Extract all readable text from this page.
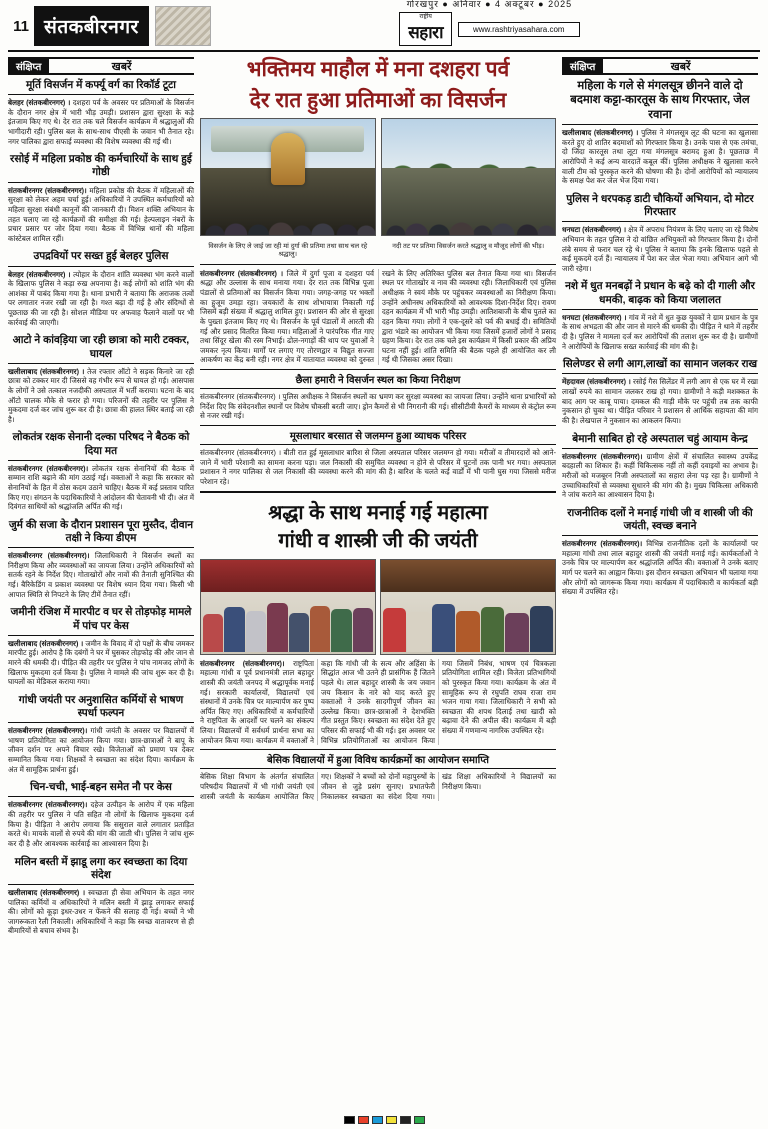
11 संतकबीरनगर
गोरखपुर ● अनिवार ● 4 अक्टूबर ● 2025
राष्ट्रीय
सहारा	www.rashtriyasahara.com
संक्षिप्त	खबरें
मूर्ति विसर्जन में कर्फ्यू वर्ग का रिकॉर्ड टूटा
बेलहर (संतकबीरनगर) । दशहरा पर्व के अवसर पर प्रतिमाओं के विसर्जन के दौरान नगर क्षेत्र में भारी भीड़ उमड़ी। प्रशासन द्वारा सुरक्षा के कड़े इंतजाम किए गए थे। देर रात तक चले विसर्जन कार्यक्रम में श्रद्धालुओं की भागीदारी रही। पुलिस बल के साथ-साथ पीएसी के जवान भी तैनात रहे। नगर पालिका द्वारा सफाई व्यवस्था की विशेष व्यवस्था की गई थी।
रसोई में महिला प्रकोष्ठ की कर्मचारियों के साथ हुई गोष्ठी
संतकबीरनगर (संतकबीरनगर)। महिला प्रकोष्ठ की बैठक में महिलाओं की सुरक्षा को लेकर अहम चर्चा हुई। अधिकारियों ने उपस्थित कर्मचारियों को महिला सुरक्षा संबंधी कानूनों की जानकारी दी। मिशन शक्ति अभियान के तहत चलाए जा रहे कार्यक्रमों की समीक्षा की गई। हेल्पलाइन नंबरों के प्रचार प्रसार पर जोर दिया गया। बैठक में विभिन्न थानों की महिला कांस्टेबल शामिल रहीं।
उपद्रवियों पर सख्त हुई बेलहर पुलिस
बेलहर (संतकबीरनगर) । त्योहार के दौरान शांति व्यवस्था भंग करने वालों के खिलाफ पुलिस ने कड़ा रुख अपनाया है। कई लोगों को शांति भंग की आशंका में पाबंद किया गया है। थाना प्रभारी ने बताया कि अराजक तत्वों पर लगातार नजर रखी जा रही है। गश्त बढ़ा दी गई है और संदिग्धों से पूछताछ की जा रही है। सोशल मीडिया पर अफवाह फैलाने वालों पर भी कार्रवाई की जाएगी।
आटो ने कांवड़ि़या जा रही छात्रा को मारी टक्कर, घायल
खलीलाबाद (संतकबीरनगर) । तेज रफ्तार ऑटो ने सड़क किनारे जा रही छात्रा को टक्कर मार दी जिससे वह गंभीर रूप से घायल हो गई। आसपास के लोगों ने उसे तत्काल नजदीकी अस्पताल में भर्ती कराया। घटना के बाद ऑटो चालक मौके से फरार हो गया। परिजनों की तहरीर पर पुलिस ने मुकदमा दर्ज कर जांच शुरू कर दी है। छात्रा की हालत स्थिर बताई जा रही है।
लोकतंत्र रक्षक सेनानी दल्का परिषद ने बैठक को दिया मत
संतकबीरनगर (संतकबीरनगर)। लोकतंत्र रक्षक सेनानियों की बैठक में सम्मान राशि बढ़ाने की मांग उठाई गई। वक्ताओं ने कहा कि सरकार को सेनानियों के हित में ठोस कदम उठाने चाहिए। बैठक में कई प्रस्ताव पारित किए गए। संगठन के पदाधिकारियों ने आंदोलन की चेतावनी भी दी। अंत में दिवंगत साथियों को श्रद्धांजलि अर्पित की गई।
जुर्म की सजा के दौरान प्रशासन पूरा मुस्तैद, दीवान तक्षी ने किया डीएम
संतकबीरनगर (संतकबीरनगर)। जिलाधिकारी ने विसर्जन स्थलों का निरीक्षण किया और व्यवस्थाओं का जायजा लिया। उन्होंने अधिकारियों को सतर्क रहने के निर्देश दिए। गोताखोरों और नावों की तैनाती सुनिश्चित की गई। बैरिकेडिंग व प्रकाश व्यवस्था पर विशेष ध्यान दिया गया। किसी भी आपात स्थिति से निपटने के लिए टीमें तैनात रहीं।
जमीनी रंजिश में मारपीट व घर से तोड़फोड़ मामले में पांच पर केस
खलीलाबाद (संतकबीरनगर) । जमीन के विवाद में दो पक्षों के बीच जमकर मारपीट हुई। आरोप है कि दबंगों ने घर में घुसकर तोड़फोड़ की और जान से मारने की धमकी दी। पीड़ित की तहरीर पर पुलिस ने पांच नामजद लोगों के खिलाफ मुकदमा दर्ज किया है। पुलिस ने मामले की जांच शुरू कर दी है। घायलों का मेडिकल कराया गया।
गांधी जयंती पर अनुशासित कर्मियों से भाषण स्पर्धा फल्पन
संतकबीरनगर (संतकबीरनगर)। गांधी जयंती के अवसर पर विद्यालयों में भाषण प्रतियोगिता का आयोजन किया गया। छात्र-छात्राओं ने बापू के जीवन दर्शन पर अपने विचार रखे। विजेताओं को प्रमाण पत्र देकर सम्मानित किया गया। शिक्षकों ने स्वच्छता का संदेश दिया। कार्यक्रम के अंत में सामूहिक प्रार्थना हुई।
चिन-चची, भाई-बहन समेत नौ पर केस
संतकबीरनगर (संतकबीरनगर)। दहेज उत्पीड़न के आरोप में एक महिला की तहरीर पर पुलिस ने पति सहित नौ लोगों के खिलाफ मुकदमा दर्ज किया है। पीड़िता ने आरोप लगाया कि ससुराल वाले लगातार प्रताड़ित करते थे। मायके वालों से रुपये की मांग की जाती थी। पुलिस ने जांच शुरू कर दी है और आवश्यक कार्रवाई का आश्वासन दिया है।
मलिन बस्ती में झाडू लगा कर स्वच्छता का दिया संदेश
खलीलाबाद (संतकबीरनगर) । स्वच्छता ही सेवा अभियान के तहत नगर पालिका कर्मियों व अधिकारियों ने मलिन बस्ती में झाड़ू लगाकर सफाई की। लोगों को कूड़ा इधर-उधर न फेंकने की सलाह दी गई। बच्चों ने भी जागरूकता रैली निकाली। अधिकारियों ने कहा कि स्वच्छ वातावरण से ही बीमारियों से बचाव संभव है।
भक्तिमय माहौल में मना दशहरा पर्व
देर रात हुआ प्रतिमाओं का विसर्जन
विसर्जन के लिए ले जाई जा रही मां दुर्गा की प्रतिमा तथा साथ चल रहे श्रद्धालु।
नदी तट पर प्रतिमा विसर्जन करते श्रद्धालु व मौजूद लोगों की भीड़।
संतकबीरनगर (संतकबीरनगर) । जिले में दुर्गा पूजा व दशहरा पर्व श्रद्धा और उल्लास के साथ मनाया गया। देर रात तक विभिन्न पूजा पंडालों से प्रतिमाओं का विसर्जन किया गया। जगह-जगह पर भक्तों का हुजूम उमड़ा रहा। जयकारों के साथ शोभायात्रा निकाली गई जिसमें बड़ी संख्या में श्रद्धालु शामिल हुए। प्रशासन की ओर से सुरक्षा के पुख्ता इंतजाम किए गए थे। विसर्जन के पूर्व पंडालों में आरती की गई और प्रसाद वितरित किया गया। महिलाओं ने पारंपरिक गीत गाए तथा सिंदूर खेला की रस्म निभाई। ढोल-नगाड़ों की थाप पर युवाओं ने जमकर नृत्य किया। मार्गों पर लगाए गए तोरणद्वार व विद्युत सज्जा आकर्षण का केंद्र बनी रही। नगर क्षेत्र में यातायात व्यवस्था को दुरुस्त रखने के लिए अतिरिक्त पुलिस बल तैनात किया गया था। विसर्जन स्थल पर गोताखोर व नाव की व्यवस्था रही। जिलाधिकारी एवं पुलिस अधीक्षक ने स्वयं मौके पर पहुंचकर व्यवस्थाओं का निरीक्षण किया। उन्होंने अधीनस्थ अधिकारियों को आवश्यक दिशा-निर्देश दिए। रावण दहन कार्यक्रम में भी भारी भीड़ उमड़ी। आतिशबाजी के बीच पुतले का दहन किया गया। लोगों ने एक-दूसरे को पर्व की बधाई दी। समितियों द्वारा भंडारे का आयोजन भी किया गया जिसमें हजारों लोगों ने प्रसाद ग्रहण किया। देर रात तक चले इस कार्यक्रम में किसी प्रकार की अप्रिय घटना नहीं हुई। शांति समिति की बैठक पहले ही आयोजित कर ली गई थी जिसका असर दिखा।
छैला हमारी ने विसर्जन स्थल का किया निरीक्षण
संतकबीरनगर (संतकबीरनगर) । पुलिस अधीक्षक ने विसर्जन स्थलों का भ्रमण कर सुरक्षा व्यवस्था का जायजा लिया। उन्होंने थाना प्रभारियों को निर्देश दिए कि संवेदनशील स्थानों पर विशेष चौकसी बरती जाए। ड्रोन कैमरों से भी निगरानी की गई। सीसीटीवी कैमरों के माध्यम से कंट्रोल रूम से नजर रखी गई।
मूसलाधार बरसात से जलमग्न हुआ व्याधक परिसर
संतकबीरनगर (संतकबीरनगर) । बीती रात हुई मूसलाधार बारिश से जिला अस्पताल परिसर जलमग्न हो गया। मरीजों व तीमारदारों को आने-जाने में भारी परेशानी का सामना करना पड़ा। जल निकासी की समुचित व्यवस्था न होने से परिसर में घुटनों तक पानी भर गया। अस्पताल प्रशासन ने नगर पालिका से जल निकासी की व्यवस्था करने की मांग की है। बारिश के चलते कई वार्डों में भी पानी घुस गया जिससे मरीज परेशान रहे।
श्रद्धा के साथ मनाई गई महात्मा
गांधी व शास्त्री जी की जयंती
संतकबीरनगर (संतकबीरनगर)। राष्ट्रपिता महात्मा गांधी व पूर्व प्रधानमंत्री लाल बहादुर शास्त्री की जयंती जनपद में श्रद्धापूर्वक मनाई गई। सरकारी कार्यालयों, विद्यालयों एवं संस्थानों में उनके चित्र पर माल्यार्पण कर पुष्प अर्पित किए गए। अधिकारियों व कर्मचारियों ने राष्ट्रपिता के आदर्शों पर चलने का संकल्प लिया। विद्यालयों में सर्वधर्म प्रार्थना सभा का आयोजन किया गया। कार्यक्रम में वक्ताओं ने कहा कि गांधी जी के सत्य और अहिंसा के सिद्धांत आज भी उतने ही प्रासंगिक हैं जितने पहले थे। लाल बहादुर शास्त्री के जय जवान जय किसान के नारे को याद करते हुए वक्ताओं ने उनके सादगीपूर्ण जीवन का उल्लेख किया। छात्र-छात्राओं ने देशभक्ति गीत प्रस्तुत किए। स्वच्छता का संदेश देते हुए परिसर की सफाई भी की गई। इस अवसर पर विभिन्न प्रतियोगिताओं का आयोजन किया गया जिसमें निबंध, भाषण एवं चित्रकला प्रतियोगिता शामिल रही। विजेता प्रतिभागियों को पुरस्कृत किया गया। कार्यक्रम के अंत में सामूहिक रूप से रघुपति राघव राजा राम भजन गाया गया। जिलाधिकारी ने सभी को स्वच्छता की शपथ दिलाई तथा खादी को बढ़ावा देने की अपील की। कार्यक्रम में बड़ी संख्या में गणमान्य नागरिक उपस्थित रहे।
बेसिक विद्यालयों में हुआ विविध कार्यक्रमों का आयोजन समाप्ति
बेसिक शिक्षा विभाग के अंतर्गत संचालित परिषदीय विद्यालयों में भी गांधी जयंती एवं शास्त्री जयंती के कार्यक्रम आयोजित किए गए। शिक्षकों ने बच्चों को दोनों महापुरुषों के जीवन से जुड़े प्रसंग सुनाए। प्रभातफेरी निकालकर स्वच्छता का संदेश दिया गया। खंड शिक्षा अधिकारियों ने विद्यालयों का निरीक्षण किया।
संक्षिप्त	खबरें
महिला के गले से मंगलसूत्र छीनने वाले दो बदमाश कट्टा-कारतूस के साथ गिरफ्तार, जेल रवाना
खलीलाबाद (संतकबीरनगर) । पुलिस ने मंगलसूत्र लूट की घटना का खुलासा करते हुए दो शातिर बदमाशों को गिरफ्तार किया है। उनके पास से एक तमंचा, दो जिंदा कारतूस तथा लूटा गया मंगलसूत्र बरामद हुआ है। पूछताछ में आरोपियों ने कई अन्य वारदातें कबूल कीं। पुलिस अधीक्षक ने खुलासा करने वाली टीम को पुरस्कृत करने की घोषणा की है। दोनों आरोपियों को न्यायालय के समक्ष पेश कर जेल भेज दिया गया।
पुलिस ने धरपकड़ डाटी चौकियों अभियान, दो मोटर गिरफ्तार
धनघटा (संतकबीरनगर) । क्षेत्र में अपराध नियंत्रण के लिए चलाए जा रहे विशेष अभियान के तहत पुलिस ने दो वांछित अभियुक्तों को गिरफ्तार किया है। दोनों लंबे समय से फरार चल रहे थे। पुलिस ने बताया कि इनके खिलाफ पहले से कई मुकदमे दर्ज हैं। न्यायालय में पेश कर जेल भेजा गया। अभियान आगे भी जारी रहेगा।
नशे में धुत मनबढ़ों ने प्रधान के बढ़े को दी गाली और धमकी, बाढ़क को किया जलालत
धनघटा (संतकबीरनगर) । गांव में नशे में धुत कुछ युवकों ने ग्राम प्रधान के पुत्र के साथ अभद्रता की और जान से मारने की धमकी दी। पीड़ित ने थाने में तहरीर दी है। पुलिस ने मामला दर्ज कर आरोपियों की तलाश शुरू कर दी है। ग्रामीणों ने आरोपियों के खिलाफ सख्त कार्रवाई की मांग की है।
सिलेण्डर से लगी आग,लाखों का सामान जलकर राख
मेंहदावल (संतकबीरनगर) । रसोई गैस सिलेंडर में लगी आग से एक घर में रखा लाखों रुपये का सामान जलकर राख हो गया। ग्रामीणों ने कड़ी मशक्कत के बाद आग पर काबू पाया। दमकल की गाड़ी मौके पर पहुंची तब तक काफी नुकसान हो चुका था। पीड़ित परिवार ने प्रशासन से आर्थिक सहायता की मांग की है। लेखपाल ने नुकसान का आकलन किया।
बेमानी साबित हो रहे अस्पताल चहुं आयाम केन्द्र
संतकबीरनगर (संतकबीरनगर)। ग्रामीण क्षेत्रों में संचालित स्वास्थ्य उपकेंद्र बदहाली का शिकार हैं। कहीं चिकित्सक नहीं तो कहीं दवाइयों का अभाव है। मरीजों को मजबूरन निजी अस्पतालों का सहारा लेना पड़ रहा है। ग्रामीणों ने उच्चाधिकारियों से व्यवस्था सुधारने की मांग की है। मुख्य चिकित्सा अधिकारी ने जांच कराने का आश्वासन दिया है।
राजनीतिक दलों ने मनाई गांधी जी व शास्त्री जी की जयंती, स्वच्छ बनाने
संतकबीरनगर (संतकबीरनगर)। विभिन्न राजनीतिक दलों के कार्यालयों पर महात्मा गांधी तथा लाल बहादुर शास्त्री की जयंती मनाई गई। कार्यकर्ताओं ने उनके चित्र पर माल्यार्पण कर श्रद्धांजलि अर्पित की। वक्ताओं ने उनके बताए मार्ग पर चलने का आह्वान किया। इस दौरान स्वच्छता अभियान भी चलाया गया और लोगों को जागरूक किया गया। कार्यक्रम में पदाधिकारी व कार्यकर्ता बड़ी संख्या में उपस्थित रहे।
